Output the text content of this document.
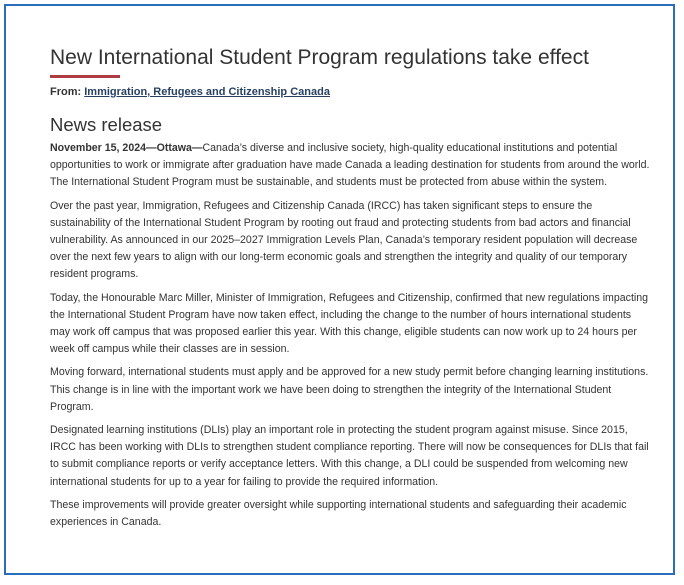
New International Student Program regulations take effect
From: Immigration, Refugees and Citizenship Canada
News release

November 15, 2024—Ottawa—Canada’s diverse and inclusive society, high-quality educational institutions and potential opportunities to work or immigrate after graduation have made Canada a leading destination for students from around the world. The International Student Program must be sustainable, and students must be protected from abuse within the system.

Over the past year, Immigration, Refugees and Citizenship Canada (IRCC) has taken significant steps to ensure the sustainability of the International Student Program by rooting out fraud and protecting students from bad actors and financial vulnerability. As announced in our 2025–2027 Immigration Levels Plan, Canada’s temporary resident population will decrease over the next few years to align with our long-term economic goals and strengthen the integrity and quality of our temporary resident programs.

Today, the Honourable Marc Miller, Minister of Immigration, Refugees and Citizenship, confirmed that new regulations impacting the International Student Program have now taken effect, including the change to the number of hours international students may work off campus that was proposed earlier this year. With this change, eligible students can now work up to 24 hours per week off campus while their classes are in session.

Moving forward, international students must apply and be approved for a new study permit before changing learning institutions. This change is in line with the important work we have been doing to strengthen the integrity of the International Student Program.

Designated learning institutions (DLIs) play an important role in protecting the student program against misuse. Since 2015, IRCC has been working with DLIs to strengthen student compliance reporting. There will now be consequences for DLIs that fail to submit compliance reports or verify acceptance letters. With this change, a DLI could be suspended from welcoming new international students for up to a year for failing to provide the required information.

These improvements will provide greater oversight while supporting international students and safeguarding their academic experiences in Canada.
